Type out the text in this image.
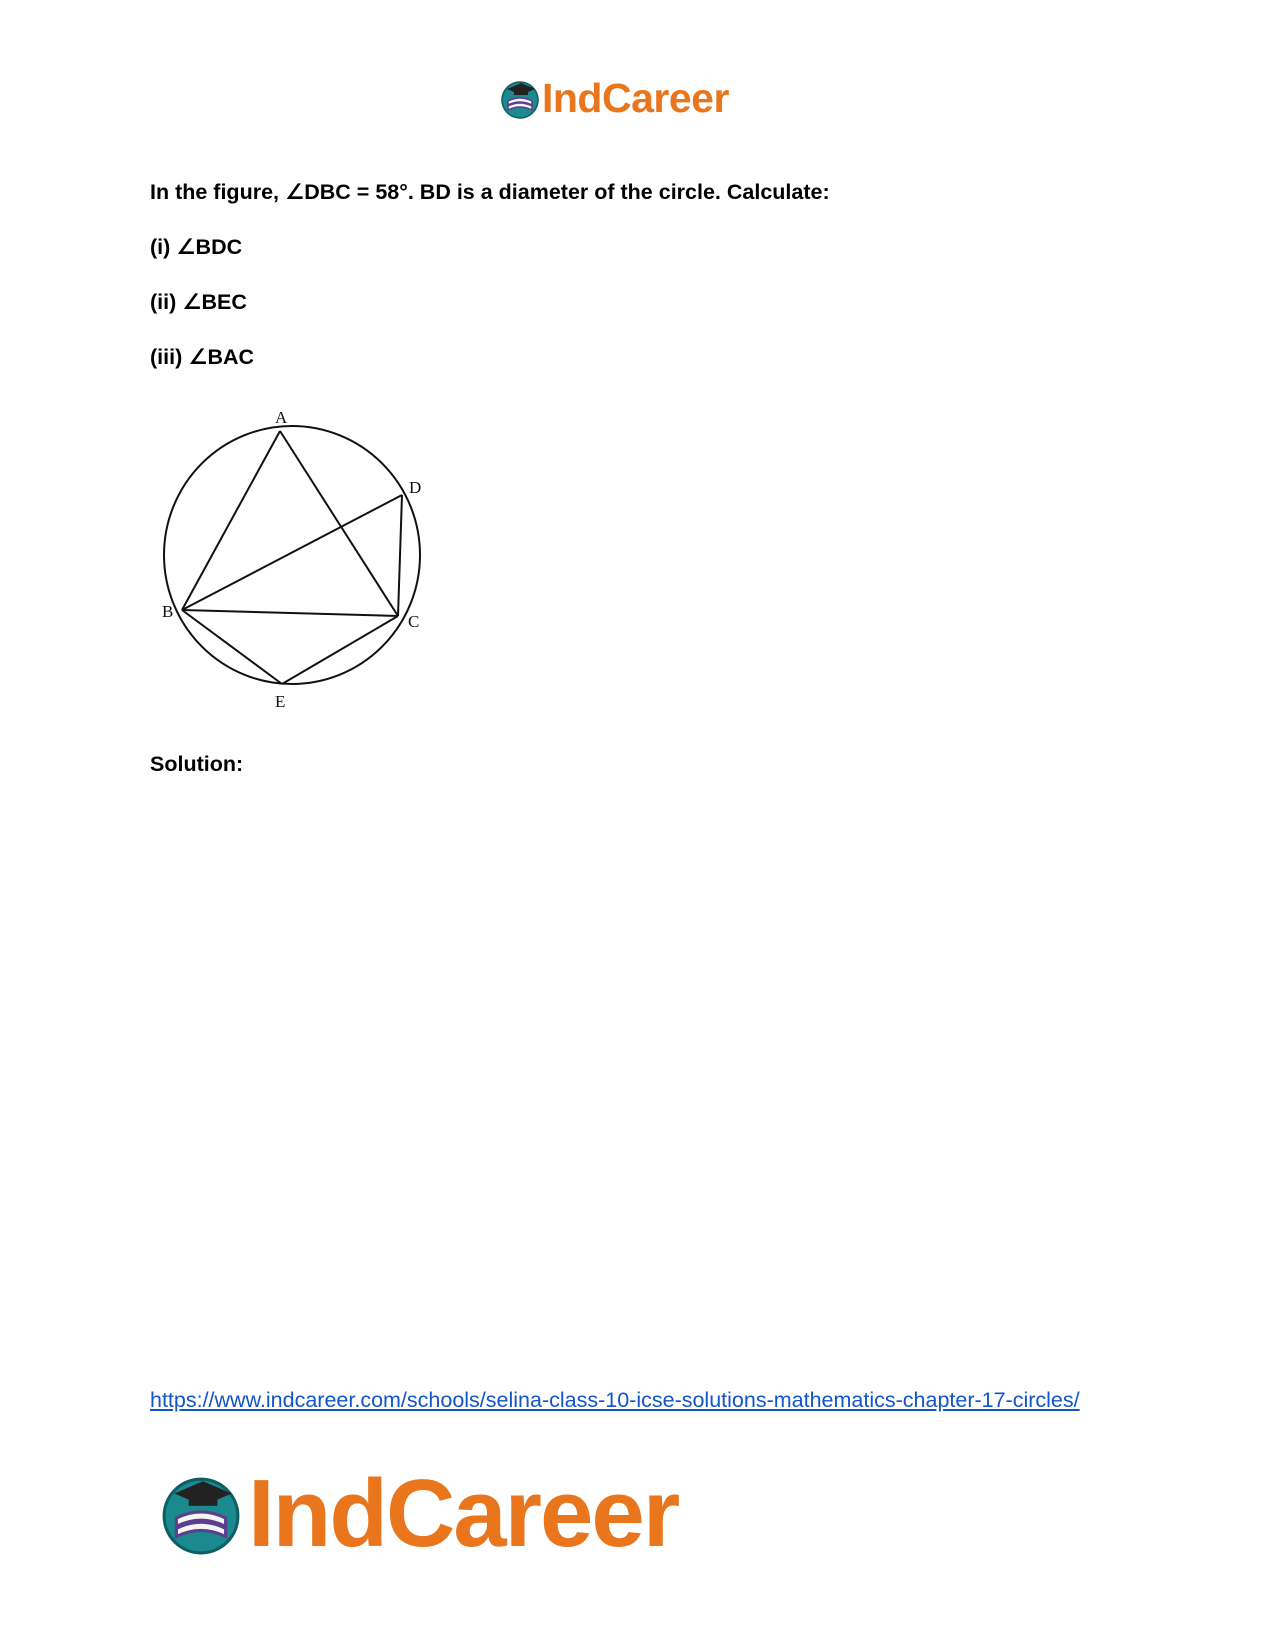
IndCareer
In the figure, ∠DBC = 58°. BD is a diameter of the circle. Calculate:
(i) ∠BDC
(ii) ∠BEC
(iii) ∠BAC
A
B
C
D
E
Solution:
https://www.indcareer.com/schools/selina-class-10-icse-solutions-mathematics-chapter-17-circles/
IndCareer
